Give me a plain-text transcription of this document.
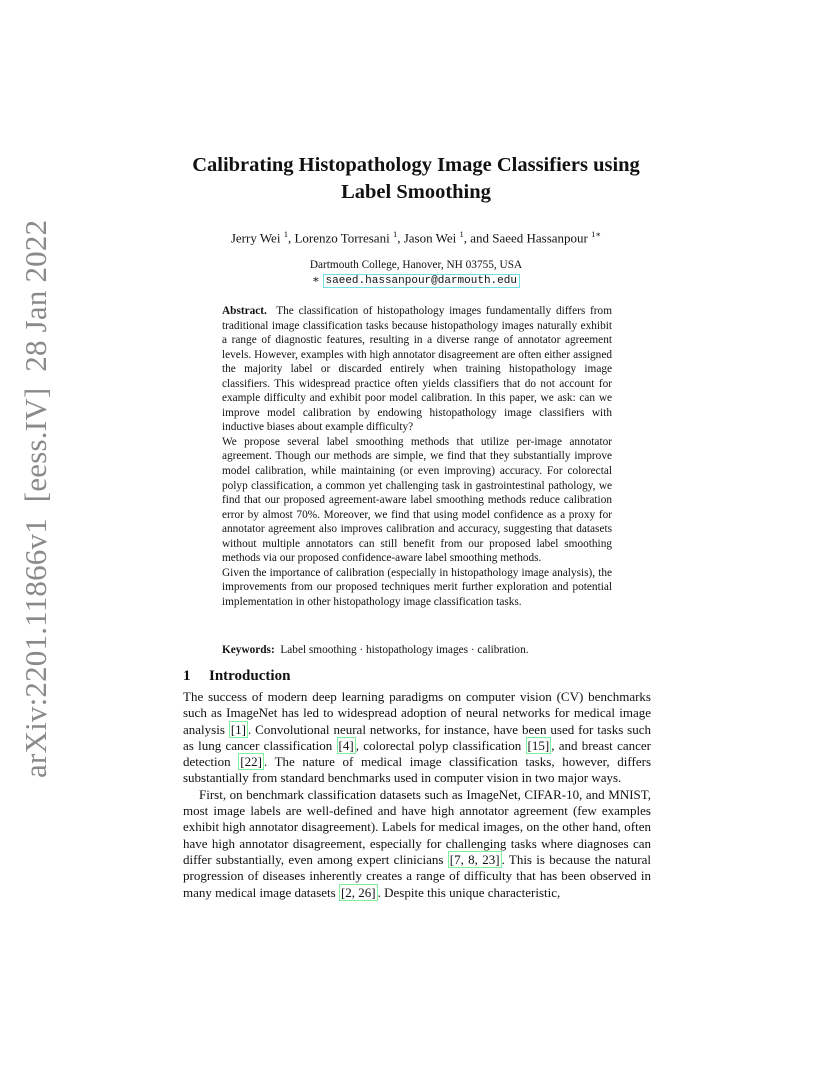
arXiv:2201.11866v1  [eess.IV]  28 Jan 2022
Calibrating Histopathology Image Classifiers using
Label Smoothing
Jerry Wei $^1$, Lorenzo Torresani $^1$, Jason Wei $^1$, and Saeed Hassanpour $^{1∗}$
Dartmouth College, Hanover, NH 03755, USA
∗ saeed.hassanpour@darmouth.edu

Abstract. The classification of histopathology images fundamentally differs from traditional image classification tasks because histopathology images naturally exhibit a range of diagnostic features, resulting in a diverse range of annotator agreement levels. However, examples with high annotator disagreement are often either assigned the majority label or discarded entirely when training histopathology image classifiers. This widespread practice often yields classifiers that do not account for example difficulty and exhibit poor model calibration. In this paper, we ask: can we improve model calibration by endowing histopathology image classifiers with inductive biases about example difficulty?

We propose several label smoothing methods that utilize per-image annotator agreement. Though our methods are simple, we find that they substantially improve model calibration, while maintaining (or even improving) accuracy. For colorectal polyp classification, a common yet challenging task in gastrointestinal pathology, we find that our proposed agreement-aware label smoothing methods reduce calibration error by almost 70%. Moreover, we find that using model confidence as a proxy for annotator agreement also improves calibration and accuracy, suggesting that datasets without multiple annotators can still benefit from our proposed label smoothing methods via our proposed confidence-aware label smoothing methods.

Given the importance of calibration (especially in histopathology image analysis), the improvements from our proposed techniques merit further exploration and potential implementation in other histopathology image classification tasks.

Keywords: Label smoothing · histopathology images · calibration.
1 Introduction

The success of modern deep learning paradigms on computer vision (CV) benchmarks such as ImageNet has led to widespread adoption of neural networks for medical image analysis [1] . Convolutional neural networks, for instance, have been used for tasks such as lung cancer classification [4] , colorectal polyp classification [15] , and breast cancer detection [22] . The nature of medical image classification tasks, however, differs substantially from standard benchmarks used in computer vision in two major ways.

First, on benchmark classification datasets such as ImageNet, CIFAR-10, and MNIST, most image labels are well-defined and have high annotator agreement (few examples exhibit high annotator disagreement). Labels for medical images, on the other hand, often have high annotator disagreement, especially for challenging tasks where diagnoses can differ substantially, even among expert clinicians [7, 8, 23] . This is because the natural progression of diseases inherently creates a range of difficulty that has been observed in many medical image datasets [2, 26] . Despite this unique characteristic,
